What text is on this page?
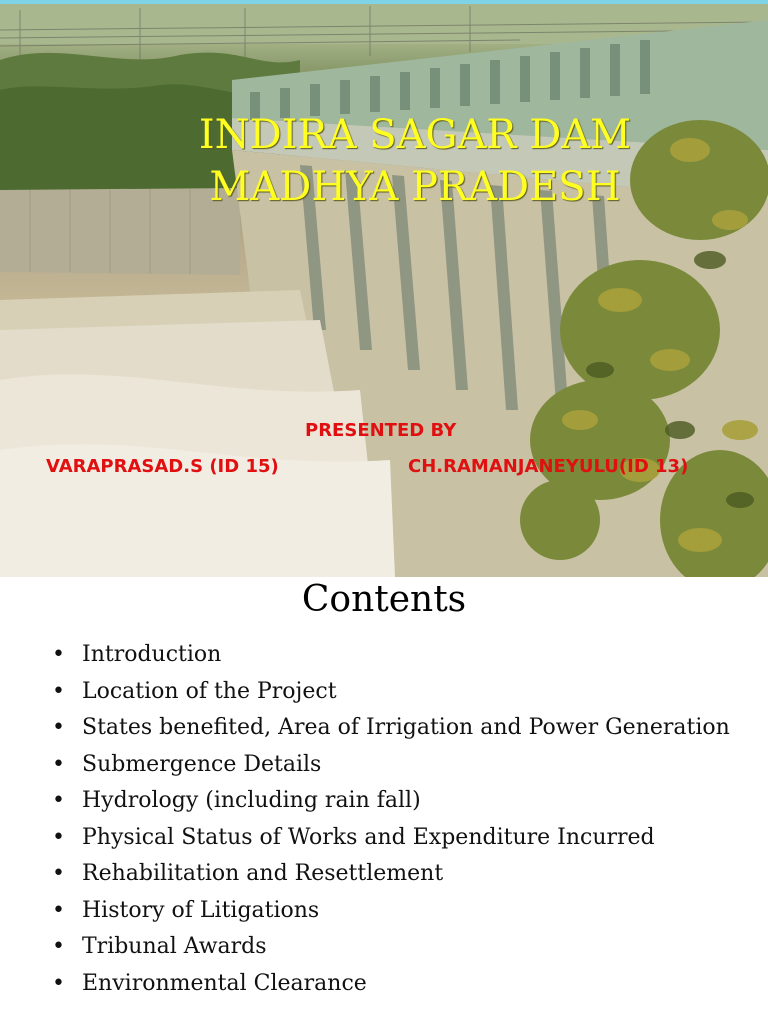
INDIRA SAGAR DAM
MADHYA PRADESH
PRESENTED BY
VARAPRASAD.S (ID 15)	CH.RAMANJANEYULU(ID 13)
Contents
• Introduction
• Location of the Project
• States benefited, Area of Irrigation and Power Generation
• Submergence Details
• Hydrology (including rain fall)
• Physical Status of Works and Expenditure Incurred
• Rehabilitation and Resettlement
• History of Litigations
• Tribunal Awards
• Environmental Clearance
